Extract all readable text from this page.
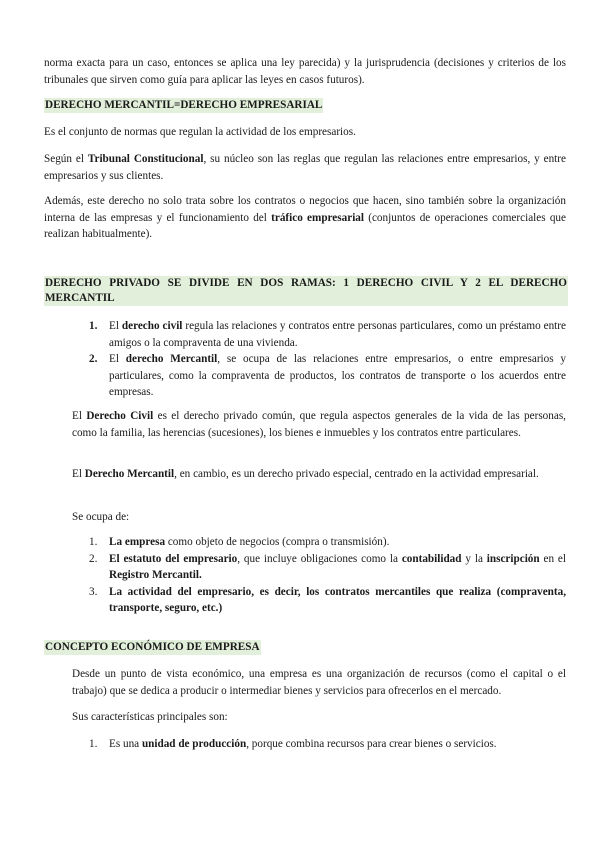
norma exacta para un caso, entonces se aplica una ley parecida) y la jurisprudencia (decisiones y criterios de los tribunales que sirven como guía para aplicar las leyes en casos futuros).

DERECHO MERCANTIL=DERECHO EMPRESARIAL

Es el conjunto de normas que regulan la actividad de los empresarios.

Según el Tribunal Constitucional, su núcleo son las reglas que regulan las relaciones entre empresarios, y entre empresarios y sus clientes.

Además, este derecho no solo trata sobre los contratos o negocios que hacen, sino también sobre la organización interna de las empresas y el funcionamiento del tráfico empresarial (conjuntos de operaciones comerciales que realizan habitualmente).

DERECHO PRIVADO SE DIVIDE EN DOS RAMAS: 1 DERECHO CIVIL Y 2 EL DERECHO MERCANTIL
1. El derecho civil regula las relaciones y contratos entre personas particulares, como un préstamo entre amigos o la compraventa de una vivienda.
2. El derecho Mercantil, se ocupa de las relaciones entre empresarios, o entre empresarios y particulares, como la compraventa de productos, los contratos de transporte o los acuerdos entre empresas.

El Derecho Civil es el derecho privado común, que regula aspectos generales de la vida de las personas, como la familia, las herencias (sucesiones), los bienes e inmuebles y los contratos entre particulares.

El Derecho Mercantil, en cambio, es un derecho privado especial, centrado en la actividad empresarial.

Se ocupa de:

1. La empresa como objeto de negocios (compra o transmisión).
2. El estatuto del empresario, que incluye obligaciones como la contabilidad y la inscripción en el Registro Mercantil.
3. La actividad del empresario, es decir, los contratos mercantiles que realiza (compraventa, transporte, seguro, etc.)
CONCEPTO ECONÓMICO DE EMPRESA

Desde un punto de vista económico, una empresa es una organización de recursos (como el capital o el trabajo) que se dedica a producir o intermediar bienes y servicios para ofrecerlos en el mercado.

Sus características principales son:

1. Es una unidad de producción, porque combina recursos para crear bienes o servicios.
